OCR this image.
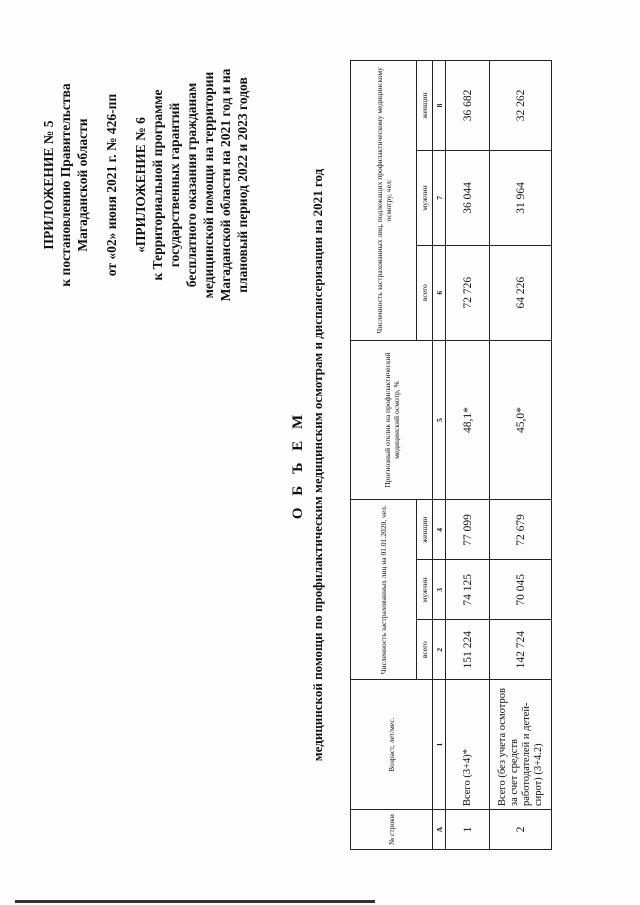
ПРИЛОЖЕНИЕ № 5 к постановлению Правительства Магаданской области от «02» июня 2021 г. № 426-пп «ПРИЛОЖЕНИЕ № 6 к Территориальной программе государственных гарантий бесплатного оказания гражданам медицинской помощи на территории Магаданской области на 2021 год и на плановый период 2022 и 2023 годов
О Б Ъ Е М медицинской помощи по профилактическим медицинским осмотрам и диспансеризации на 2021 год
№ строки	Возраст, лет/мес.	Численность застрахованных лиц на 01.01.2020, чел.			Прогнозный отклик на профилактический медицинский осмотр, %	Численность застрахованных лиц, подлежащих профилактическому медицинскому осмотру, чел:		
		всего	мужчин	женщин		всего	мужчин	женщин
А	1	2	3	4	5	6	7	8
1	Всего (3+4)*	151 224	74 125	77 099	48,1*	72 726	36 044	36 682
2	Всего (без учета осмотров за счет средств работодателей и детей-сирот) (3+4.2)	142 724	70 045	72 679	45,0*	64 226	31 964	32 262
